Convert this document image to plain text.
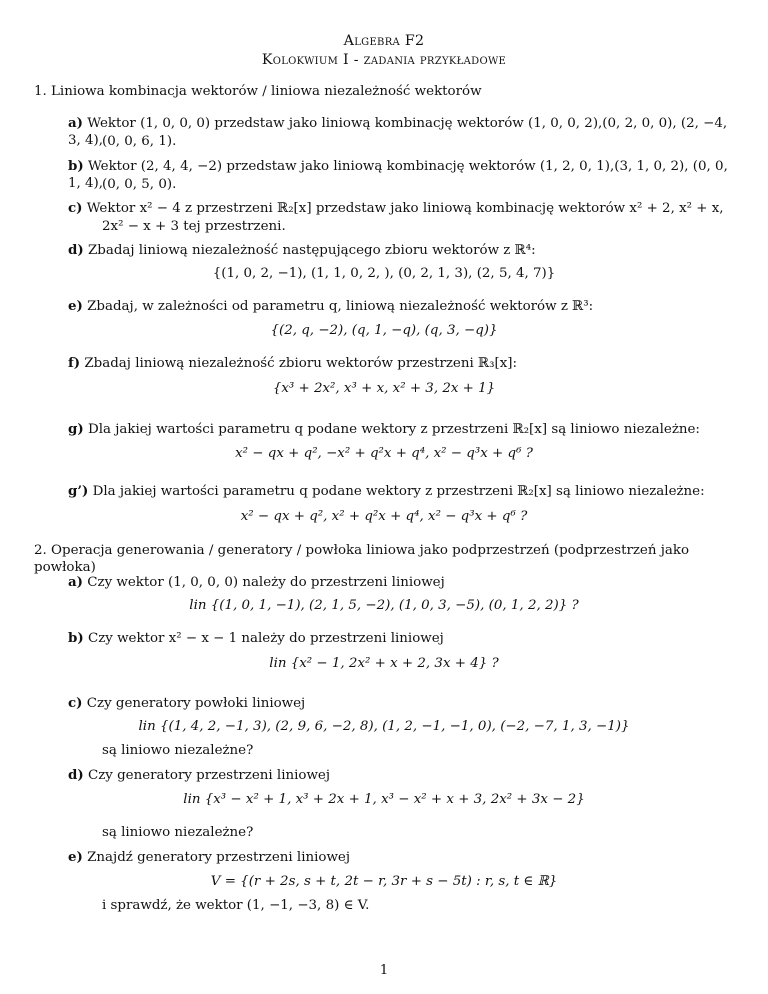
Algebra F2
Kolokwium I - zadania przykładowe
1. Liniowa kombinacja wektorów / liniowa niezależność wektorów
a) Wektor (1, 0, 0, 0) przedstaw jako liniową kombinację wektorów (1, 0, 0, 2),(0, 2, 0, 0), (2, −4, 3, 4),
(0, 0, 6, 1).
b) Wektor (2, 4, 4, −2) przedstaw jako liniową kombinację wektorów (1, 2, 0, 1),(3, 1, 0, 2), (0, 0, 1, 4),
(0, 0, 5, 0).
c) Wektor x² − 4 z przestrzeni ℝ₂[x] przedstaw jako liniową kombinację wektorów x² + 2, x² + x,
2x² − x + 3 tej przestrzeni.
d) Zbadaj liniową niezależność następującego zbioru wektorów z ℝ⁴:
{(1, 0, 2, −1), (1, 1, 0, 2, ), (0, 2, 1, 3), (2, 5, 4, 7)}
e) Zbadaj, w zależności od parametru q, liniową niezależność wektorów z ℝ³:
{(2, q, −2), (q, 1, −q), (q, 3, −q)}
f) Zbadaj liniową niezależność zbioru wektorów przestrzeni ℝ₃[x]:
{x³ + 2x², x³ + x, x² + 3, 2x + 1}
g) Dla jakiej wartości parametru q podane wektory z przestrzeni ℝ₂[x] są liniowo niezależne:
x² − qx + q², −x² + q²x + q⁴, x² − q³x + q⁶ ?
g’) Dla jakiej wartości parametru q podane wektory z przestrzeni ℝ₂[x] są liniowo niezależne:
x² − qx + q², x² + q²x + q⁴, x² − q³x + q⁶ ?
2. Operacja generowania / generatory / powłoka liniowa jako podprzestrzeń (podprzestrzeń jako powłoka)
a) Czy wektor (1, 0, 0, 0) należy do przestrzeni liniowej
lin {(1, 0, 1, −1), (2, 1, 5, −2), (1, 0, 3, −5), (0, 1, 2, 2)} ?
b) Czy wektor x² − x − 1 należy do przestrzeni liniowej
lin {x² − 1, 2x² + x + 2, 3x + 4} ?
c) Czy generatory powłoki liniowej
lin {(1, 4, 2, −1, 3), (2, 9, 6, −2, 8), (1, 2, −1, −1, 0), (−2, −7, 1, 3, −1)}
są liniowo niezależne?
d) Czy generatory przestrzeni liniowej
lin {x³ − x² + 1, x³ + 2x + 1, x³ − x² + x + 3, 2x² + 3x − 2}
są liniowo niezależne?
e) Znajdź generatory przestrzeni liniowej
V = {(r + 2s, s + t, 2t − r, 3r + s − 5t) : r, s, t ∈ ℝ}
i sprawdź, że wektor (1, −1, −3, 8) ∈ V.
1
